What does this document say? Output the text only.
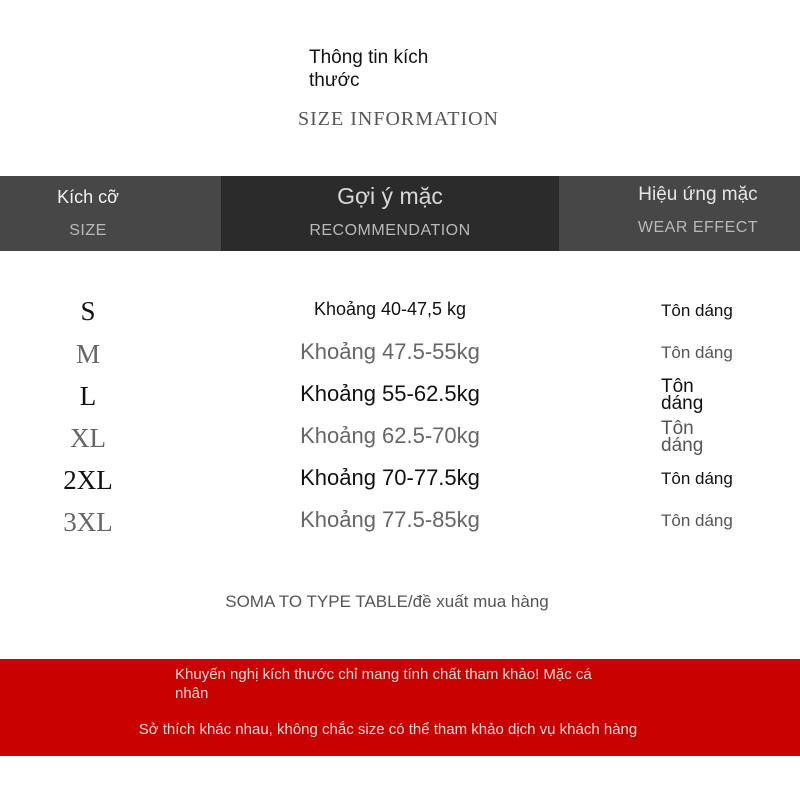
Thông tin kích thước
SIZE INFORMATION
Kích cỡ
SIZE
Gợi ý mặc
RECOMMENDATION
Hiệu ứng mặc
WEAR EFFECT
S	Khoảng 40-47,5 kg	Tôn dáng
M	Khoảng 47.5-55kg	Tôn dáng
L	Khoảng 55-62.5kg	Tôn dáng
XL	Khoảng 62.5-70kg	Tôn dáng
2XL	Khoảng 70-77.5kg	Tôn dáng
3XL	Khoảng 77.5-85kg	Tôn dáng
SOMA TO TYPE TABLE/đề xuất mua hàng
Khuyến nghị kích thước chỉ mang tính chất tham khảo! Mặc cá nhân
Sở thích khác nhau, không chắc size có thể tham khảo dịch vụ khách hàng
